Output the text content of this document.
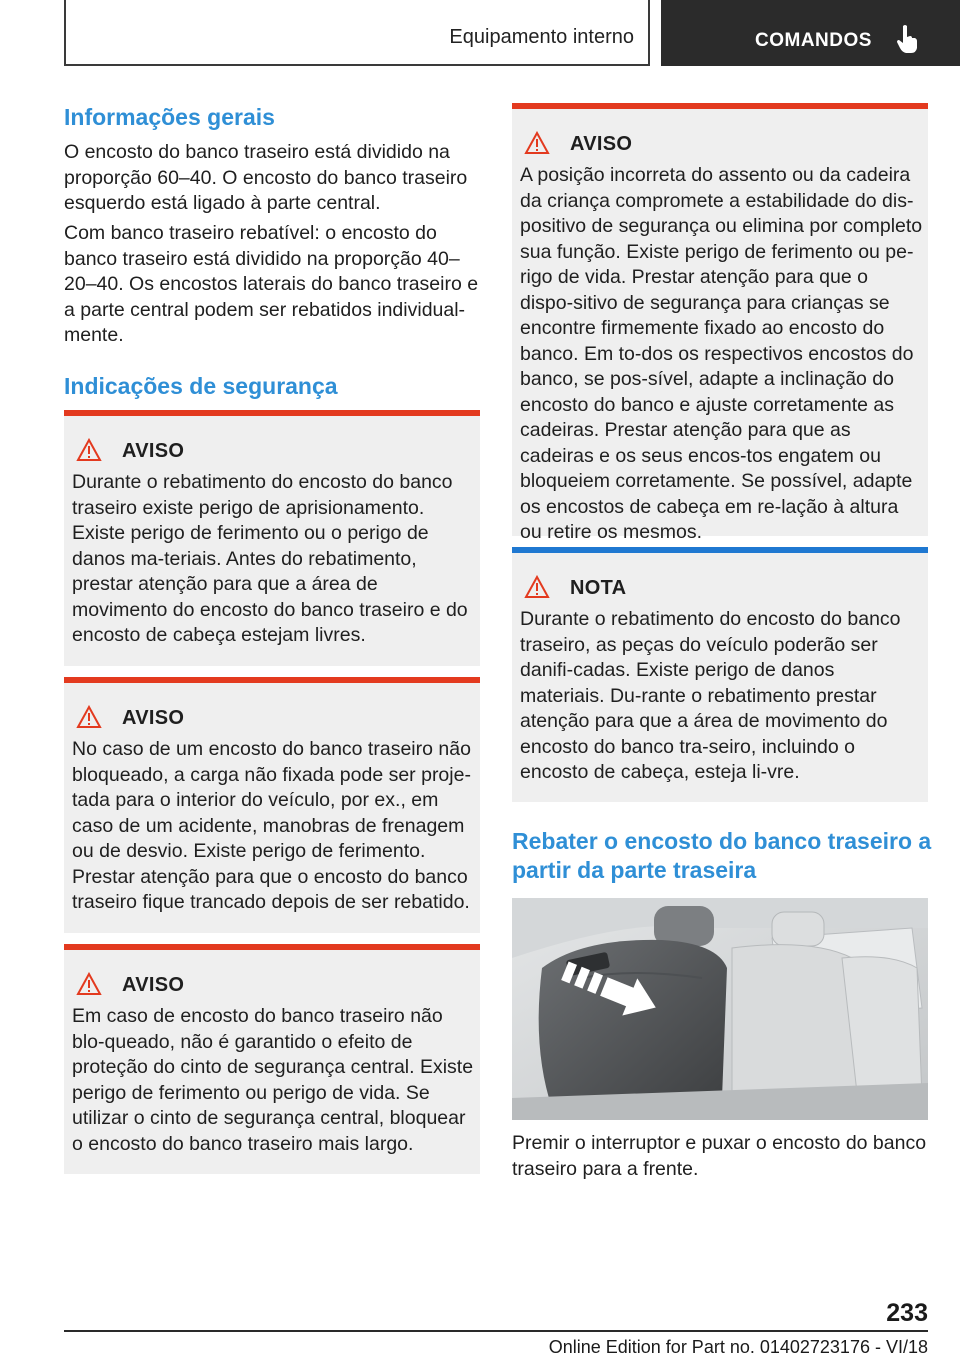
Equipamento interno	COMANDOS
Informações gerais

O encosto do banco traseiro está dividido na proporção 60–40. O encosto do banco traseiro esquerdo está ligado à parte central.

Com banco traseiro rebatível: o encosto do banco traseiro está dividido na proporção 40–20–40. Os encostos laterais do banco traseiro e a parte central podem ser rebatidos individual-mente.

Indicações de segurança
AVISO

Durante o rebatimento do encosto do banco traseiro existe perigo de aprisionamento. Existe perigo de ferimento ou o perigo de danos ma-teriais. Antes do rebatimento, prestar atenção para que a área de movimento do encosto do banco traseiro e do encosto de cabeça estejam livres.

AVISO

No caso de um encosto do banco traseiro não bloqueado, a carga não fixada pode ser proje-tada para o interior do veículo, por ex., em caso de um acidente, manobras de frenagem ou de desvio. Existe perigo de ferimento. Prestar atenção para que o encosto do banco traseiro fique trancado depois de ser rebatido.

AVISO

Em caso de encosto do banco traseiro não blo-queado, não é garantido o efeito de proteção do cinto de segurança central. Existe perigo de ferimento ou perigo de vida. Se utilizar o cinto de segurança central, bloquear o encosto do banco traseiro mais largo.

AVISO

A posição incorreta do assento ou da cadeira da criança compromete a estabilidade do dis-positivo de segurança ou elimina por completo sua função. Existe perigo de ferimento ou pe-rigo de vida. Prestar atenção para que o dispo-sitivo de segurança para crianças se encontre firmemente fixado ao encosto do banco. Em to-dos os respectivos encostos do banco, se pos-sível, adapte a inclinação do encosto do banco e ajuste corretamente as cadeiras. Prestar atenção para que as cadeiras e os seus encos-tos engatem ou bloqueiem corretamente. Se possível, adapte os encostos de cabeça em re-lação à altura ou retire os mesmos.

NOTA

Durante o rebatimento do encosto do banco traseiro, as peças do veículo poderão ser danifi-cadas. Existe perigo de danos materiais. Du-rante o rebatimento prestar atenção para que a área de movimento do encosto do banco tra-seiro, incluindo o encosto de cabeça, esteja li-vre.

Rebater o encosto do banco traseiro a partir da parte traseira

Premir o interruptor e puxar o encosto do banco traseiro para a frente.

233
Online Edition for Part no. 01402723176 - VI/18
